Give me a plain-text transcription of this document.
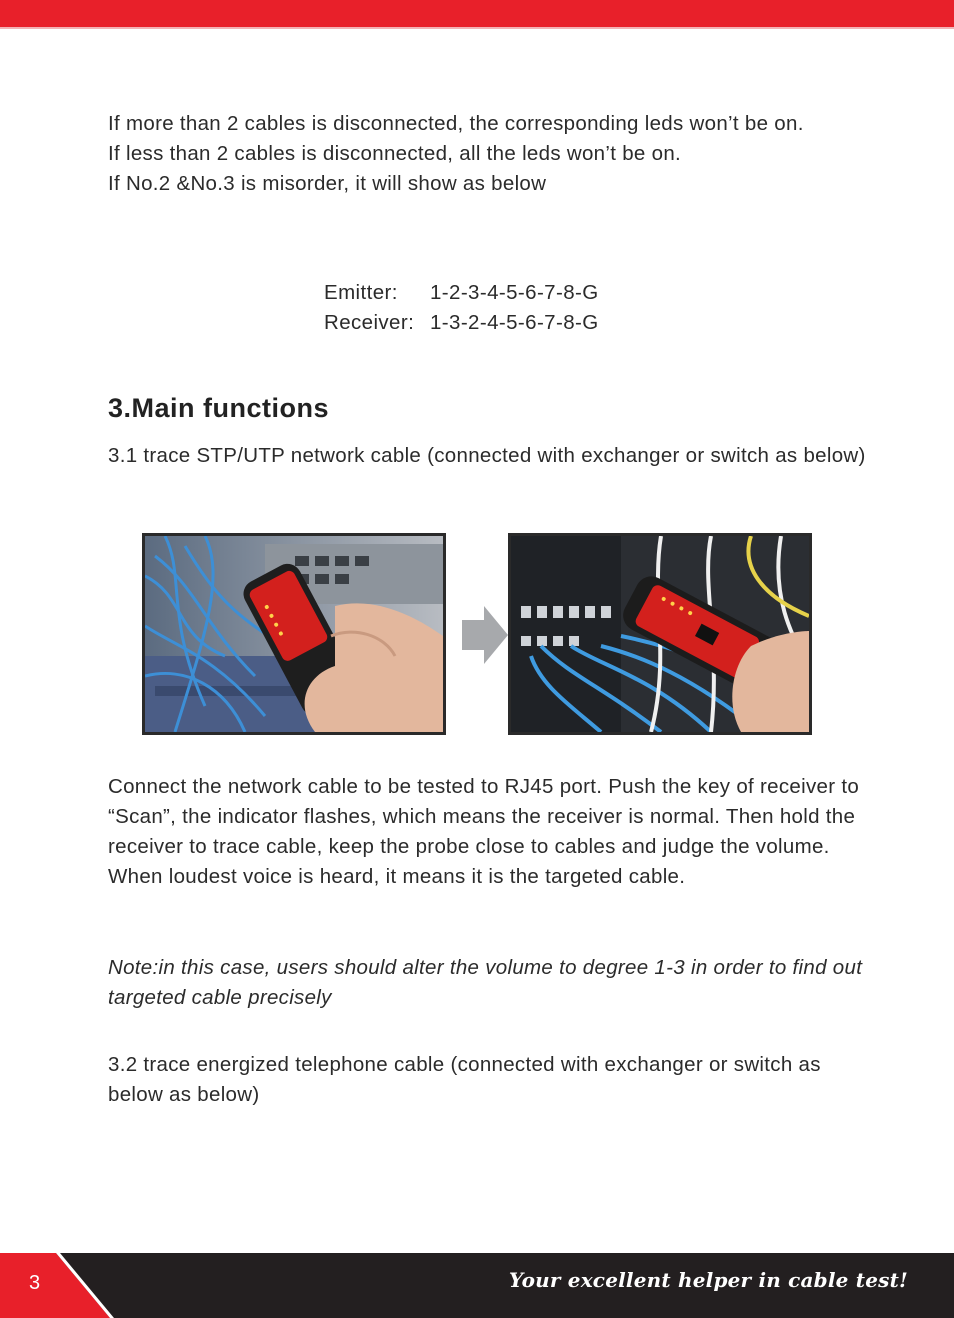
If more than 2 cables is disconnected, the corresponding leds won’t be on.

If less than 2 cables is disconnected, all the leds won’t be on.

If No.2 &No.3 is misorder, it will show as below

Emitter: 1-2-3-4-5-6-7-8-G
Receiver: 1-3-2-4-5-6-7-8-G
3.Main functions

3.1 trace STP/UTP network cable (connected with exchanger or switch as below)

Connect the network cable to be tested to RJ45 port. Push the key of receiver to “Scan”, the indicator flashes, which means the receiver is normal. Then hold the receiver to trace cable, keep the probe close to cables and judge the volume.

When loudest voice is heard, it means it is the targeted cable.

Note:in this case, users should alter the volume to degree 1-3 in order to find out targeted cable precisely
3.2 trace energized telephone cable (connected with exchanger or switch as below as below)
3	Your excellent helper in cable test!
